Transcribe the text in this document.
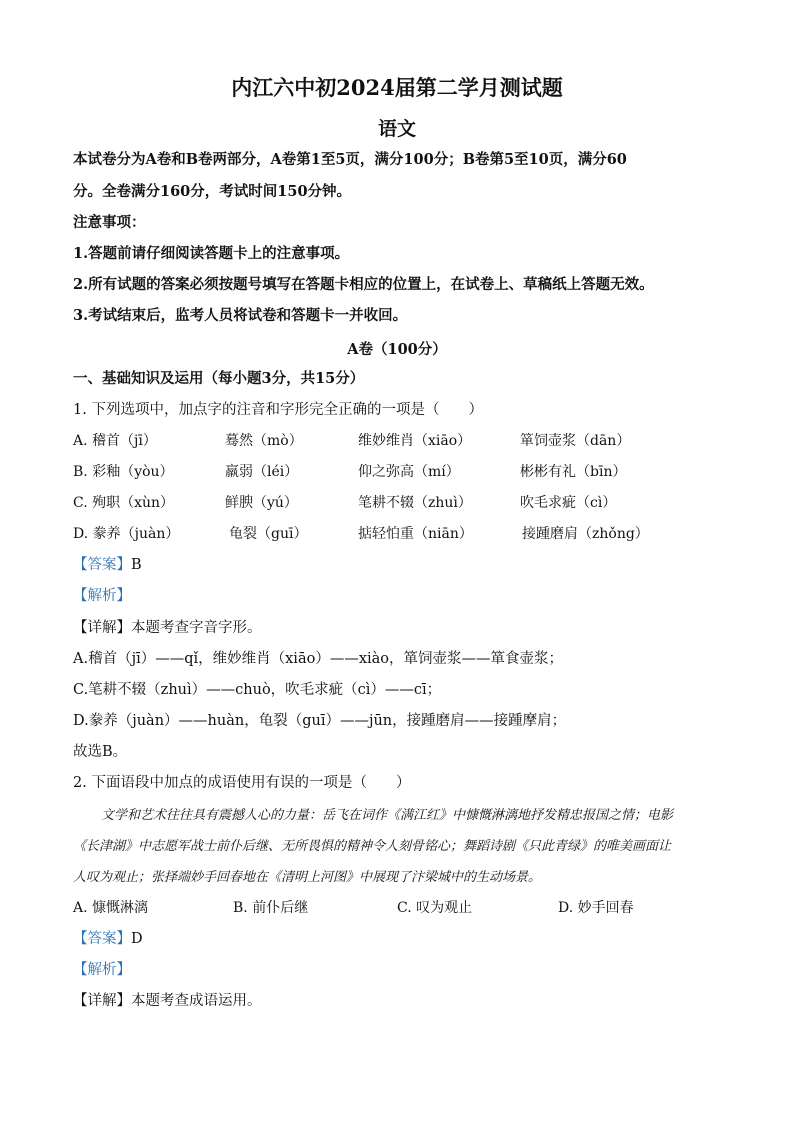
内江六中初2024届第二学月测试题
语文
本试卷分为A卷和B卷两部分，A卷第1至5页，满分100分；B卷第5至10页，满分60
分。全卷满分160分，考试时间150分钟。
注意事项：
1.答题前请仔细阅读答题卡上的注意事项。
2.所有试题的答案必须按题号填写在答题卡相应的位置上，在试卷上、草稿纸上答题无效。
3.考试结束后，监考人员将试卷和答题卡一并收回。
A卷（100分）
一、基础知识及运用（每小题3分，共15分）
1. 下列选项中，加点字的注音和字形完全正确的一项是（　　）
A. 稽首（jī）	蓦然（mò）	维妙维肖（xiāo）	箪饲壶浆（dān）
B. 彩釉（yòu）	羸弱（léi）	仰之弥高（mí）	彬彬有礼（bīn）
C. 殉职（xùn）	鲜腴（yú）	笔耕不辍（zhuì）	吹毛求疵（cì）
D. 豢养（juàn）	龟裂（guī）	掂轻怕重（niān）	接踵磨肩（zhǒng）
【答案】B
【解析】
【详解】本题考查字音字形。
A.稽首（jī）——qǐ，维妙维肖（xiāo）——xiào，箪饲壶浆——箪食壶浆；
C.笔耕不辍（zhuì）——chuò，吹毛求疵（cì）——cī；
D.豢养（juàn）——huàn，龟裂（guī）——jūn，接踵磨肩——接踵摩肩；
故选B。
2. 下面语段中加点的成语使用有误的一项是（　　）

文学和艺术往往具有震撼人心的力量：岳飞在词作《满江红》中慷慨淋漓地抒发精忠报国之情；电影

《长津湖》中志愿军战士前仆后继、无所畏惧的精神令人刻骨铭心；舞蹈诗剧《只此青绿》的唯美画面让

人叹为观止；张择端妙手回春地在《清明上河图》中展现了汴梁城中的生动场景。

A. 慷慨淋漓	B. 前仆后继	C. 叹为观止	D. 妙手回春
【答案】D
【解析】
【详解】本题考查成语运用。
